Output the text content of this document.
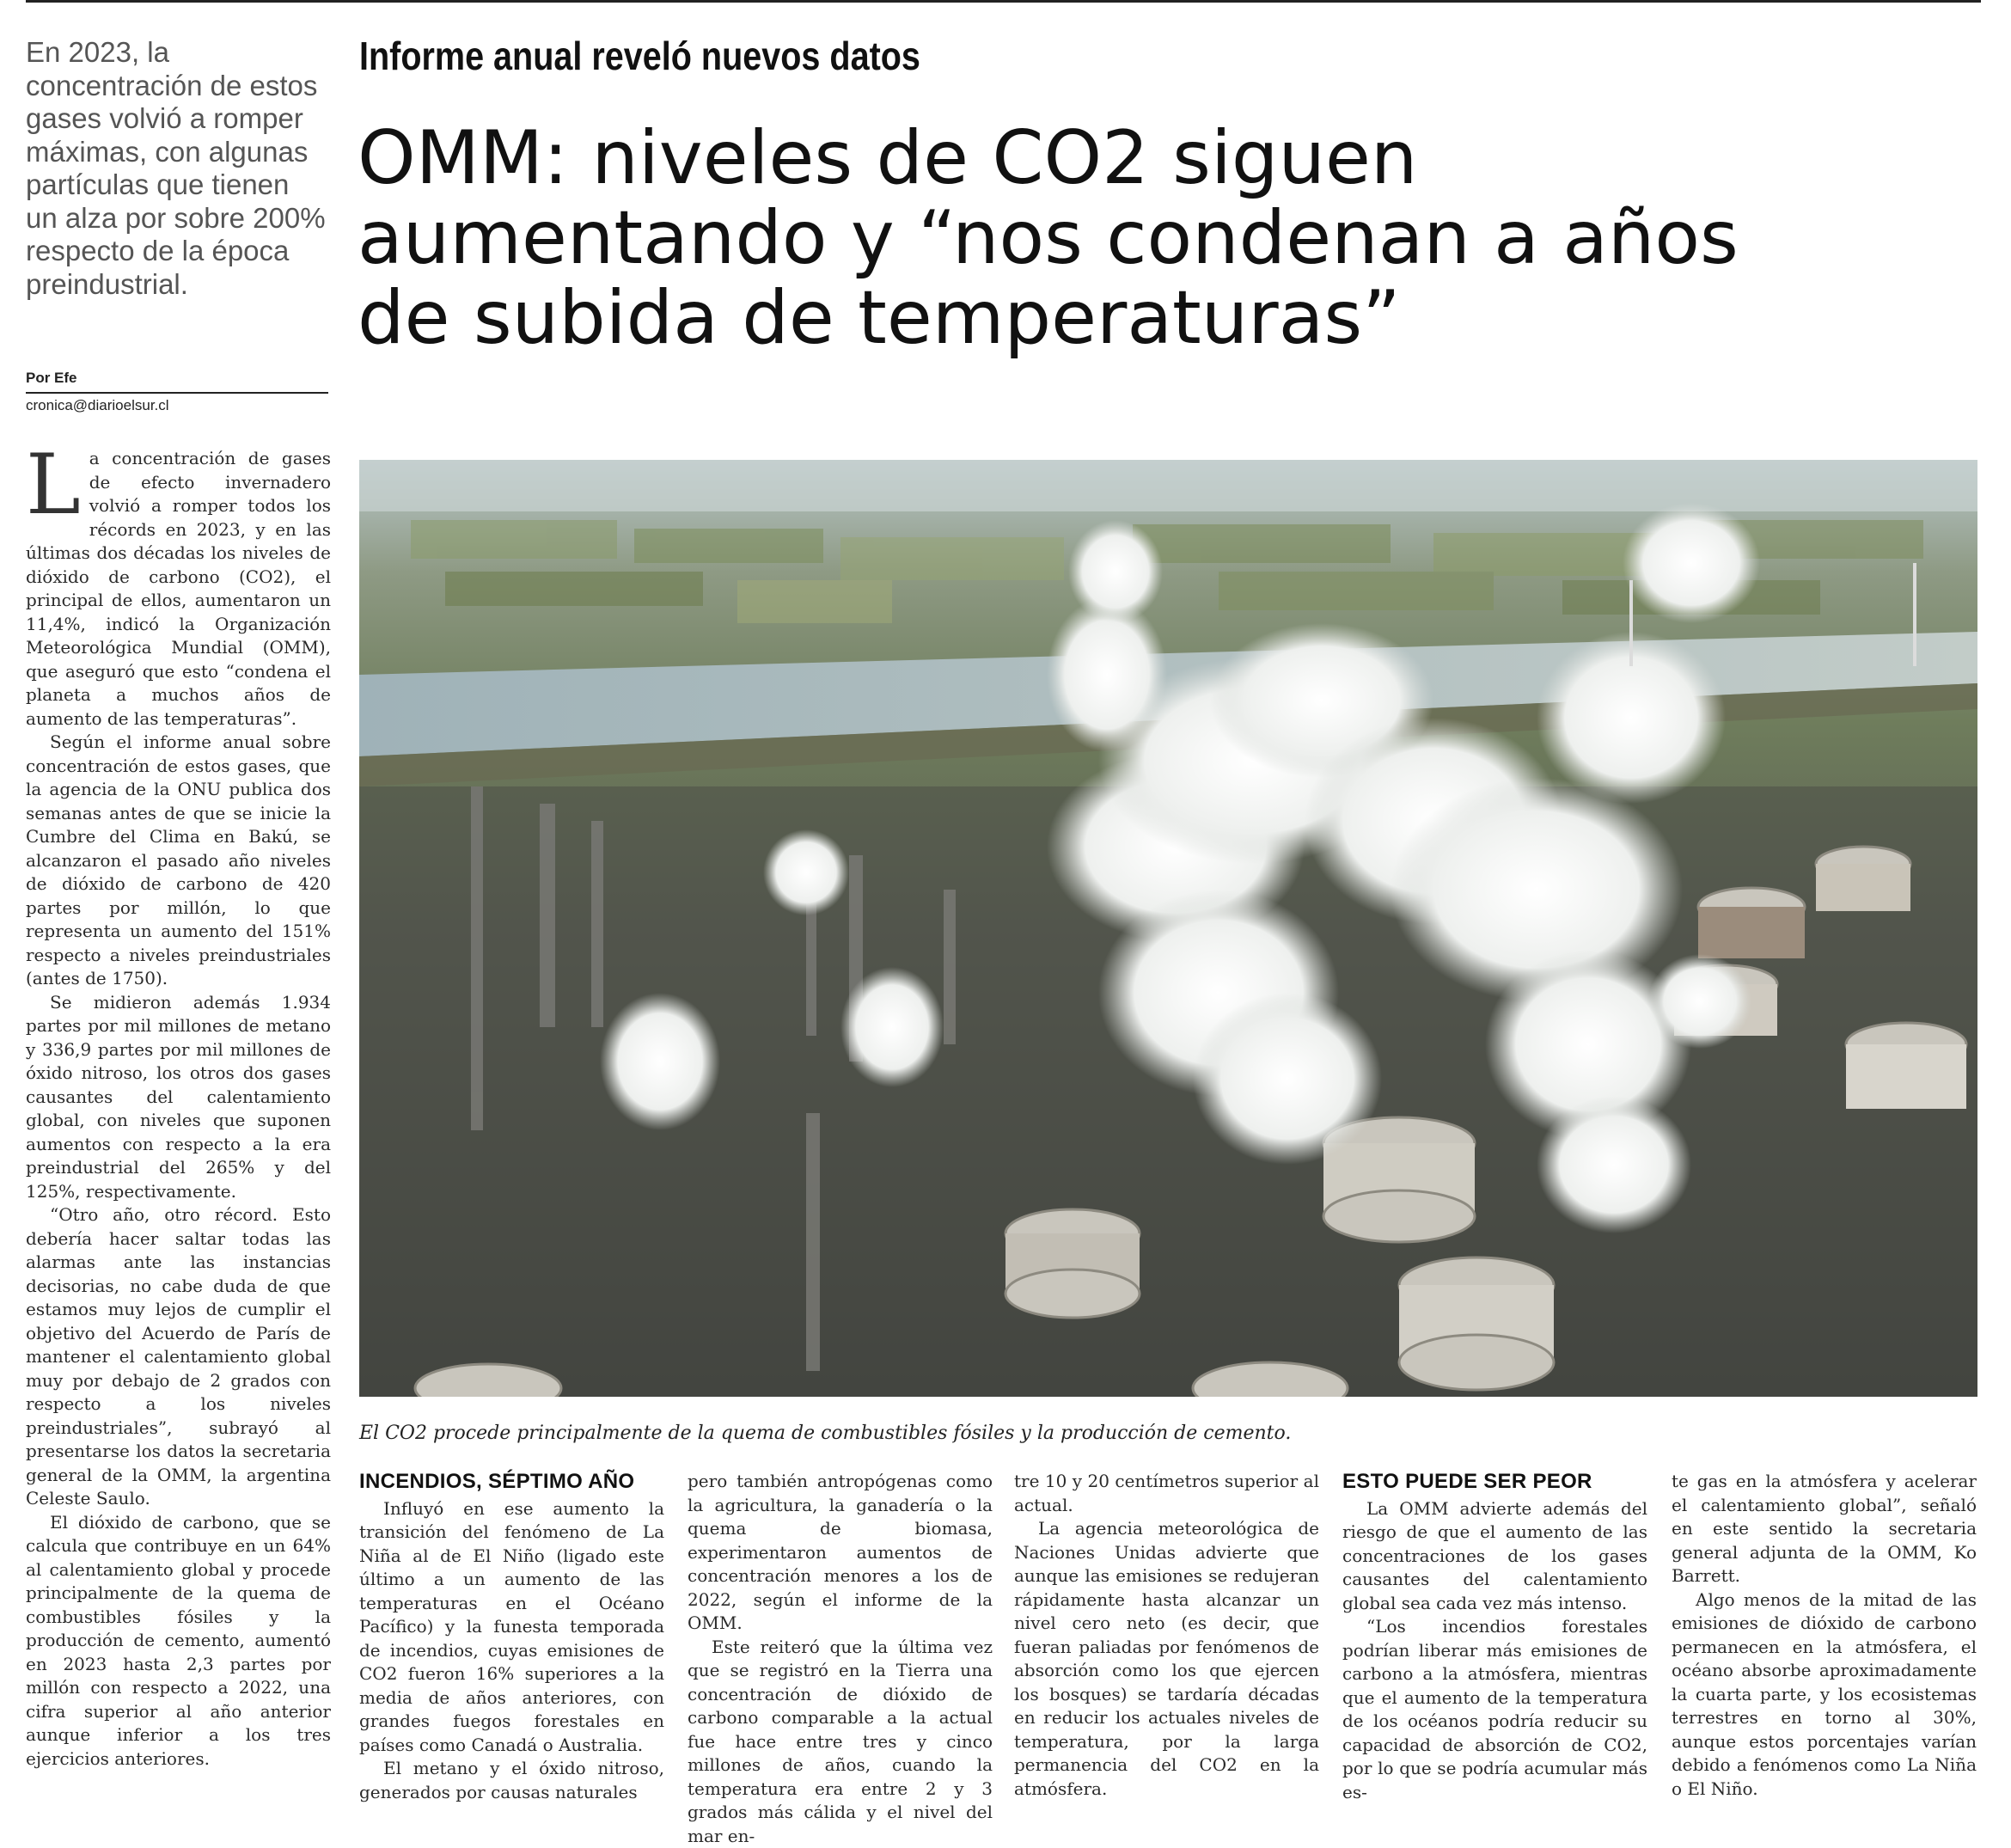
En 2023, la concentración de estos gases volvió a romper máximas, con algunas partículas que tienen un alza por sobre 200% respecto de la época preindustrial.
Por Efe
cronica@diarioelsur.cl
Informe anual reveló nuevos datos
OMM: niveles de CO2 siguen
aumentando y “nos condenan a años
de subida de temperaturas”
El CO2 procede principalmente de la quema de combustibles fósiles y la producción de cemento.

La concentración de gases de efecto invernadero volvió a romper todos los récords en 2023, y en las últimas dos décadas los niveles de dióxido de carbono (CO2), el principal de ellos, aumentaron un 11,4%, indicó la Organización Meteorológica Mundial (OMM), que aseguró que esto “condena el planeta a muchos años de aumento de las temperaturas”.

Según el informe anual sobre concentración de estos gases, que la agencia de la ONU publica dos semanas antes de que se inicie la Cumbre del Clima en Bakú, se alcanzaron el pasado año niveles de dióxido de carbono de 420 partes por millón, lo que representa un aumento del 151% respecto a niveles preindustriales (antes de 1750).

Se midieron además 1.934 partes por mil millones de metano y 336,9 partes por mil millones de óxido nitroso, los otros dos gases causantes del calentamiento global, con niveles que suponen aumentos con respecto a la era preindustrial del 265% y del 125%, respectivamente.

“Otro año, otro récord. Esto debería hacer saltar todas las alarmas ante las instancias decisorias, no cabe duda de que estamos muy lejos de cumplir el objetivo del Acuerdo de París de mantener el calentamiento global muy por debajo de 2 grados con respecto a los niveles preindustriales”, subrayó al presentarse los datos la secretaria general de la OMM, la argentina Celeste Saulo.

El dióxido de carbono, que se calcula que contribuye en un 64% al calentamiento global y procede principalmente de la quema de combustibles fósiles y la producción de cemento, aumentó en 2023 hasta 2,3 partes por millón con respecto a 2022, una cifra superior al año anterior aunque inferior a los tres ejercicios anteriores.

INCENDIOS, SÉPTIMO AÑO

Influyó en ese aumento la transición del fenómeno de La Niña al de El Niño (ligado este último a un aumento de las temperaturas en el Océano Pacífico) y la funesta temporada de incendios, cuyas emisiones de CO2 fueron 16% superiores a la media de años anteriores, con grandes fuegos forestales en países como Canadá o Australia.

El metano y el óxido nitroso, generados por causas naturales

pero también antropógenas como la agricultura, la ganadería o la quema de biomasa, experimentaron aumentos de concentración menores a los de 2022, según el informe de la OMM.

Este reiteró que la última vez que se registró en la Tierra una concentración de dióxido de carbono comparable a la actual fue hace entre tres y cinco millones de años, cuando la temperatura era entre 2 y 3 grados más cálida y el nivel del mar en-

tre 10 y 20 centímetros superior al actual.

La agencia meteorológica de Naciones Unidas advierte que aunque las emisiones se redujeran rápidamente hasta alcanzar un nivel cero neto (es decir, que fueran paliadas por fenómenos de absorción como los que ejercen los bosques) se tardaría décadas en reducir los actuales niveles de temperatura, por la larga permanencia del CO2 en la atmósfera.

ESTO PUEDE SER PEOR

La OMM advierte además del riesgo de que el aumento de las concentraciones de los gases causantes del calentamiento global sea cada vez más intenso.

“Los incendios forestales podrían liberar más emisiones de carbono a la atmósfera, mientras que el aumento de la temperatura de los océanos podría reducir su capacidad de absorción de CO2, por lo que se podría acumular más es-

te gas en la atmósfera y acelerar el calentamiento global”, señaló en este sentido la secretaria general adjunta de la OMM, Ko Barrett.

Algo menos de la mitad de las emisiones de dióxido de carbono permanecen en la atmósfera, el océano absorbe aproximadamente la cuarta parte, y los ecosistemas terrestres en torno al 30%, aunque estos porcentajes varían debido a fenómenos como La Niña o El Niño.
